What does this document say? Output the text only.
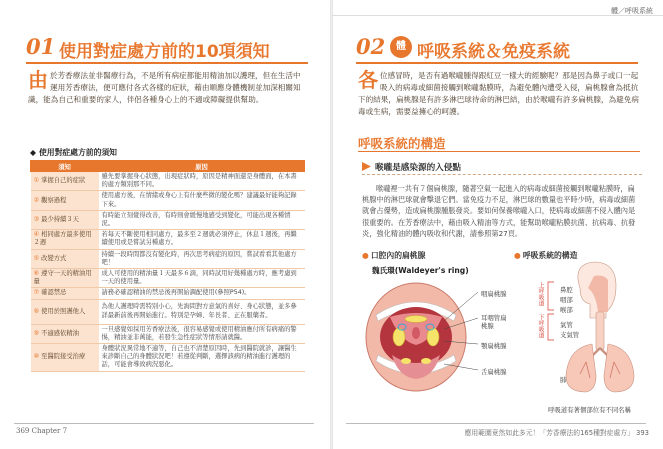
01 使用對症處方前的10項須知
由於芳香療法並非醫療行為，不是所有病症都能用精油加以護理，但在生活中運用芳香療法，便可應付各式各樣的症狀，藉由順應身體機制並加深相關知識，能為自己和重要的家人，伴侶各種身心上的不適或障礙提供幫助。
◆ 使用對症處方前的須知
須知	原因
① 掌握自己的症狀	雖先要掌握身心狀態，出現症狀時，原因是精神面還是身體面，在本書的處方類別那不同。
② 觀察過程	使用處方後，在情緒或身心上有什麼些微的變化嗎？建議最好能夠記錄下來。
③ 最少持續３天	有時能立刻覺得改善，有時則會緩慢地感受到變化，可能出現各種情況。
④ 相同處方最多使用２週	若每天不斷使用相同處方，最多至２週就必須停止，休息１週後，再繼續使用或是嘗試另種處方。
⑤ 改變方式	持續一段時間都沒有變化時，再次思考病症的原因，嘗試看看其他處方吧！
⑥ 遵守一天的精油用量	成人可使用的精油量１天最多６滴，同時試用好幾種處方時，應考慮到一天的使用量。
⑦ 確認禁忌	請務必確認精油的禁忌後再開始調配使用(參照P54)。
⑧ 使用於照護他人	為他人護理時需特別小心，先詢問對方意氣的喜好、身心狀態，並多參詳最新前後再開始進行。特別是孕婦、年長者、正在服藥者。
⑨ 不適感依精油	一旦感覺如採用芳香療法後，很容易感覺或使用精油應付所有病痛的警惕，精油並非萬能，若發生急性症狀等情形請就醫。
⑩ 至醫院接受治療	身體狀況異常地不適等，自己也不清楚原因時，先到醫院就診，讓醫生來診斷自己的身體狀況吧！若遵從判斷，選擇該病的精油進行護理的話，可能會導致病況惡化。
369 Chapter 7
體／呼吸系統
02	體 呼吸系統＆免疫系統
各位感冒時，是否有過喉嚨腫得跟紅豆一樣大的經驗呢？那是因為鼻子或口一起吸入的病毒或細菌接觸到喉嚨黏膜時，為避免體內遭受入侵，扁桃腺會為抵抗下的結果，扁桃腺是有許多淋巴球待命的淋巴結，由於喉嚨有許多扁桃腺，為避免病毒或生病，需要益擁心的呵護。
呼吸系統的構造
喉嚨是感染源的入侵點
喉嚨裡一共有７個扁桃腺，隨著空氣一起進入的病毒或細菌接觸到喉嚨粘膜時，扁桃腺中的淋巴球就會擊退它們。當免疫力不足，淋巴球的數量也平時少時，病毒或細菌就會占優勢，造成扁桃腺腫脹發炎。要如何保養喉嚨入口，使病毒或細菌不侵入體內是很重要的。在芳香療法中，藉由吸入精油等方式，能幫助喉嚨粘膜抗菌、抗病毒、抗發炎，強化精油的體內吸收和代謝，請參照第27頁。
● 口腔內的扁桃腺
魏氏環(Waldeyer's ring)
咽扁桃腺
耳咽管扁桃腺
顎扁桃腺
舌扁桃腺
● 呼吸系統的構造
鼻腔
咽部
喉部
氣管
支氣管
肺
上呼吸道
下呼吸道
呼吸道有著個部位有不同名稱
應用範圍竟然如此多元！「芳香療法的165種對症處方」 393
